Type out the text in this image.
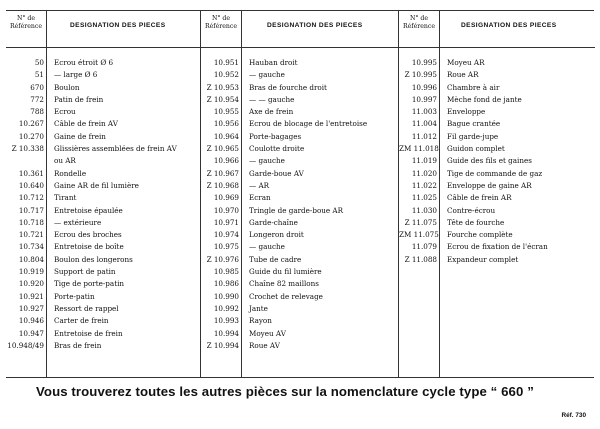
N° de
Référence	DESIGNATION DES PIECES
50 Ecrou étroit Ø 6
51 — large Ø 6
670 Boulon
772 Patin de frein
788 Ecrou
10.267 Câble de frein AV
10.270 Gaine de frein
Z 10.338 Glissières assemblées de frein AV
ou AR
10.361 Rondelle
10.640 Gaine AR de fil lumière
10.712 Tirant
10.717 Entretoise épaulée
10.718 — extérieure
10.721 Ecrou des broches
10.734 Entretoise de boîte
10.804 Boulon des longerons
10.919 Support de patin
10.920 Tige de porte-patin
10.921 Porte-patin
10.927 Ressort de rappel
10.946 Carter de frein
10.947 Entretoise de frein
10.948/49 Bras de frein
N° de
Référence	DESIGNATION DES PIECES
10.951 Hauban droit
10.952 — gauche
Z 10.953 Bras de fourche droit
Z 10.954 — — gauche
10.955 Axe de frein
10.956 Ecrou de blocage de l'entretoise
10.964 Porte-bagages
Z 10.965 Coulotte droite
10.966 — gauche
Z 10.967 Garde-boue AV
Z 10.968 — AR
10.969 Ecran
10.970 Tringle de garde-boue AR
10.971 Garde-chaîne
10.974 Longeron droit
10.975 — gauche
Z 10.976 Tube de cadre
10.985 Guide du fil lumière
10.986 Chaîne 82 maillons
10.990 Crochet de relevage
10.992 Jante
10.993 Rayon
10.994 Moyeu AV
Z 10.994 Roue AV
N° de
Référence	DESIGNATION DES PIECES
10.995 Moyeu AR
Z 10.995 Roue AR
10.996 Chambre à air
10.997 Mèche fond de jante
11.003 Enveloppe
11.004 Bague crantée
11.012 Fil garde-jupe
ZM 11.018 Guidon complet
11.019 Guide des fils et gaines
11.020 Tige de commande de gaz
11.022 Enveloppe de gaine AR
11.025 Câble de frein AR
11.030 Contre-écrou
Z 11.075 Tête de fourche
ZM 11.075 Fourche complète
11.079 Ecrou de fixation de l'écran
Z 11.088 Expandeur complet
Vous trouverez toutes les autres pièces sur la nomenclature cycle type “ 660 ”
Réf. 730
